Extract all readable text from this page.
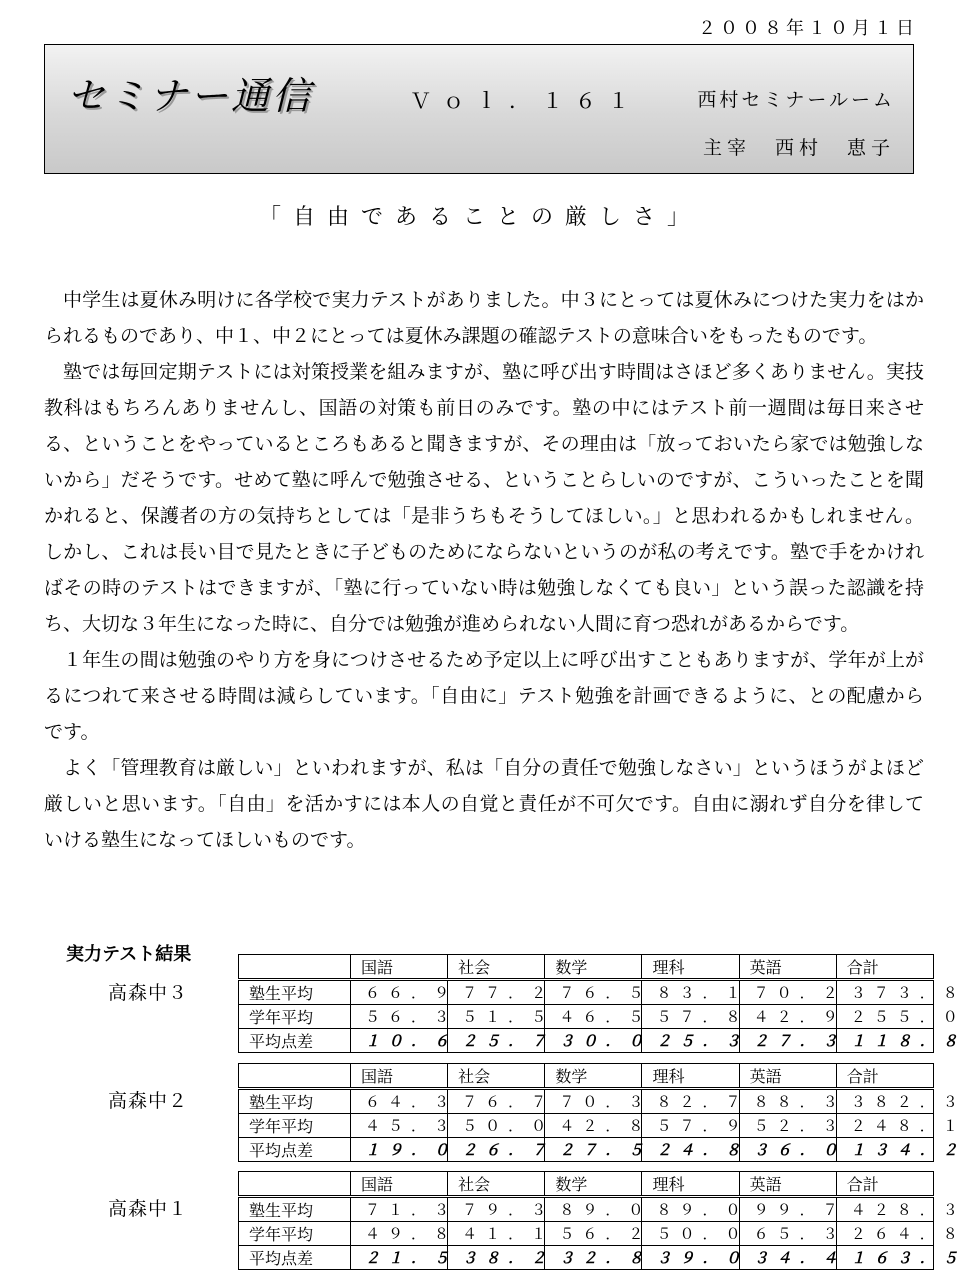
２００８年１０月１日
セミナー通信	Ｖｏｌ．１６１	西村セミナールーム
主宰　西村　恵子
「自由であることの厳しさ」

中学生は夏休み明けに各学校で実力テストがありました。中３にとっては夏休みにつけた実力をはかられるものであり、中１、中２にとっては夏休み課題の確認テストの意味合いをもったものです。

塾では毎回定期テストには対策授業を組みますが、塾に呼び出す時間はさほど多くありません。実技教科はもちろんありませんし、国語の対策も前日のみです。塾の中にはテスト前一週間は毎日来させる、ということをやっているところもあると聞きますが、その理由は「放っておいたら家では勉強しないから」だそうです。せめて塾に呼んで勉強させる、ということらしいのですが、こういったことを聞かれると、保護者の方の気持ちとしては「是非うちもそうしてほしい。」と思われるかもしれません。しかし、これは長い目で見たときに子どものためにならないというのが私の考えです。塾で手をかければその時のテストはできますが、「塾に行っていない時は勉強しなくても良い」という誤った認識を持ち、大切な３年生になった時に、自分では勉強が進められない人間に育つ恐れがあるからです。

１年生の間は勉強のやり方を身につけさせるため予定以上に呼び出すこともありますが、学年が上がるにつれて来させる時間は減らしています。「自由に」テスト勉強を計画できるように、との配慮からです。

よく「管理教育は厳しい」といわれますが、私は「自分の責任で勉強しなさい」というほうがよほど厳しいと思います。「自由」を活かすには本人の自覚と責任が不可欠です。自由に溺れず自分を律していける塾生になってほしいものです。

実力テスト結果
高森中３
	国語	社会	数学	理科	英語	合計
塾生平均	６６．９	７７．２	７６．５	８３．１	７０．２	３７３．８
学年平均	５６．３	５１．５	４６．５	５７．８	４２．９	２５５．０
平均点差	１０．６	２５．７	３０．０	２５．３	２７．３	１１８．８
高森中２
	国語	社会	数学	理科	英語	合計
塾生平均	６４．３	７６．７	７０．３	８２．７	８８．３	３８２．３
学年平均	４５．３	５０．０	４２．８	５７．９	５２．３	２４８．１
平均点差	１９．０	２６．７	２７．５	２４．８	３６．０	１３４．２
高森中１
	国語	社会	数学	理科	英語	合計
塾生平均	７１．３	７９．３	８９．０	８９．０	９９．７	４２８．３
学年平均	４９．８	４１．１	５６．２	５０．０	６５．３	２６４．８
平均点差	２１．５	３８．２	３２．８	３９．０	３４．４	１６３．５
